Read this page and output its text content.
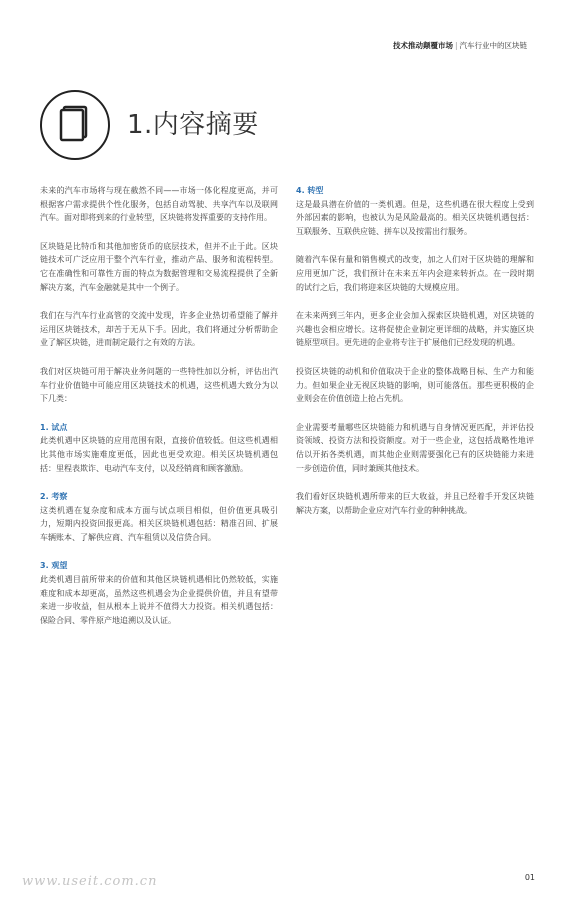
技术推动颠覆市场 | 汽车行业中的区块链
1.内容摘要

未来的汽车市场将与现在截然不同——市场一体化程度更高，并可根据客户需求提供个性化服务，包括自动驾驶、共享汽车以及联网汽车。面对即将到来的行业转型，区块链将发挥重要的支持作用。

区块链是比特币和其他加密货币的底层技术，但并不止于此。区块链技术可广泛应用于整个汽车行业，推动产品、服务和流程转型。它在准确性和可靠性方面的特点为数据管理和交易流程提供了全新解决方案，汽车金融就是其中一个例子。

我们在与汽车行业高管的交流中发现，许多企业热切希望能了解并运用区块链技术，却苦于无从下手。因此，我们将通过分析帮助企业了解区块链，进而制定最行之有效的方法。

我们对区块链可用于解决业务问题的一些特性加以分析，评估出汽车行业价值链中可能应用区块链技术的机遇，这些机遇大致分为以下几类：

1. 试点

此类机遇中区块链的应用范围有限，直接价值较低。但这些机遇相比其他市场实施难度更低，因此也更受欢迎。相关区块链机遇包括：里程表欺诈、电动汽车支付，以及经销商和顾客激励。

2. 考察

这类机遇在复杂度和成本方面与试点项目相似，但价值更具吸引力，短期内投资回报更高。相关区块链机遇包括：精准召回、扩展车辆账本、了解供应商、汽车租赁以及信贷合同。

3. 观望

此类机遇目前所带来的价值和其他区块链机遇相比仍然较低，实施难度和成本却更高，虽然这些机遇会为企业提供价值，并且有望带来进一步收益，但从根本上说并不值得大力投资。相关机遇包括：保险合同、零件原产地追溯以及认证。

4. 转型

这是最具潜在价值的一类机遇。但是，这些机遇在很大程度上受到外部因素的影响，也被认为是风险最高的。相关区块链机遇包括：互联服务、互联供应链、拼车以及按需出行服务。

随着汽车保有量和销售模式的改变，加之人们对于区块链的理解和应用更加广泛，我们预计在未来五年内会迎来转折点。在一段时期的试行之后，我们将迎来区块链的大规模应用。

在未来两到三年内，更多企业会加入探索区块链机遇，对区块链的兴趣也会相应增长。这将促使企业制定更详细的战略，并实施区块链原型项目。更先进的企业将专注于扩展他们已经发现的机遇。

投资区块链的动机和价值取决于企业的整体战略目标、生产力和能力。但如果企业无视区块链的影响，则可能落伍。那些更积极的企业则会在价值创造上抢占先机。

企业需要考量哪些区块链能力和机遇与自身情况更匹配，并评估投资领域、投资方法和投资额度。对于一些企业，这包括战略性地评估以开拓各类机遇，而其他企业则需要强化已有的区块链能力来进一步创造价值，同时兼顾其他技术。

我们看好区块链机遇所带来的巨大收益，并且已经着手开发区块链解决方案，以帮助企业应对汽车行业的种种挑战。

www.useit.com.cn	01
